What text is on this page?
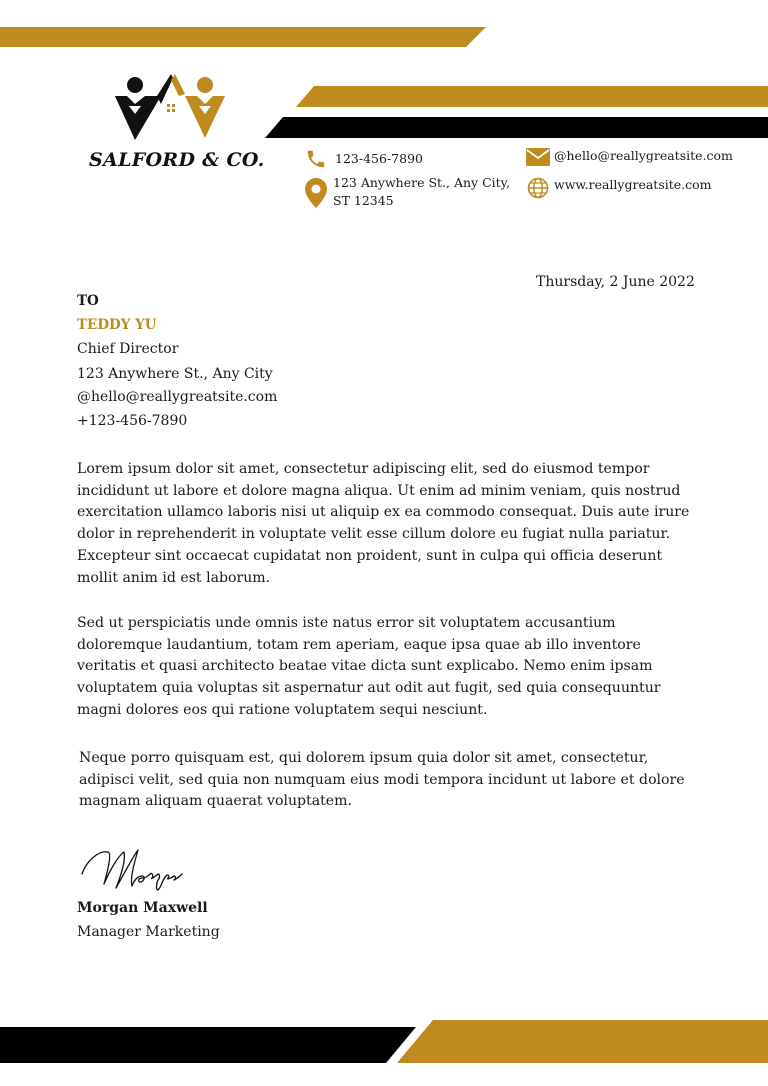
SALFORD & CO.	123-456-7890
123 Anywhere St., Any City,
ST 12345
@hello@reallygreatsite.com
www.reallygreatsite.com
Thursday, 2 June 2022
TO
TEDDY YU
Chief Director
123 Anywhere St., Any City
@hello@reallygreatsite.com
+123-456-7890

Lorem ipsum dolor sit amet, consectetur adipiscing elit, sed do eiusmod tempor incididunt ut labore et dolore magna aliqua. Ut enim ad minim veniam, quis nostrud exercitation ullamco laboris nisi ut aliquip ex ea commodo consequat. Duis aute irure dolor in reprehenderit in voluptate velit esse cillum dolore eu fugiat nulla pariatur. Excepteur sint occaecat cupidatat non proident, sunt in culpa qui officia deserunt mollit anim id est laborum.

Sed ut perspiciatis unde omnis iste natus error sit voluptatem accusantium doloremque laudantium, totam rem aperiam, eaque ipsa quae ab illo inventore veritatis et quasi architecto beatae vitae dicta sunt explicabo. Nemo enim ipsam voluptatem quia voluptas sit aspernatur aut odit aut fugit, sed quia consequuntur magni dolores eos qui ratione voluptatem sequi nesciunt.

Neque porro quisquam est, qui dolorem ipsum quia dolor sit amet, consectetur, adipisci velit, sed quia non numquam eius modi tempora incidunt ut labore et dolore magnam aliquam quaerat voluptatem.

Morgan Maxwell
Manager Marketing
